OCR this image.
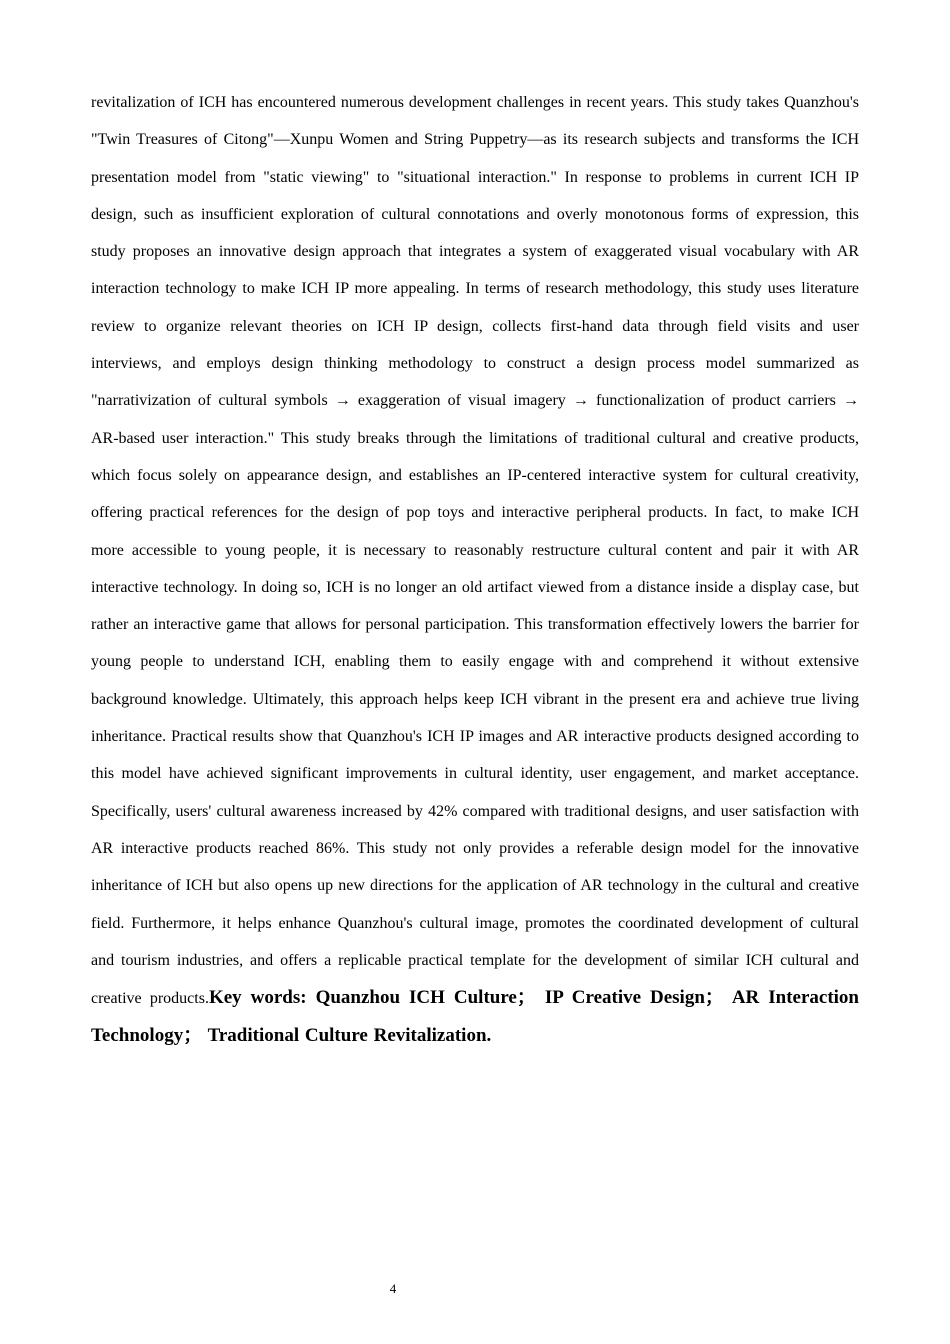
revitalization of ICH has encountered numerous development challenges in recent years. This study takes Quanzhou's "Twin Treasures of Citong"—Xunpu Women and String Puppetry—as its research subjects and transforms the ICH presentation model from "static viewing" to "situational interaction." In response to problems in current ICH IP design, such as insufficient exploration of cultural connotations and overly monotonous forms of expression, this study proposes an innovative design approach that integrates a system of exaggerated visual vocabulary with AR interaction technology to make ICH IP more appealing. In terms of research methodology, this study uses literature review to organize relevant theories on ICH IP design, collects first-hand data through field visits and user interviews, and employs design thinking methodology to construct a design process model summarized as "narrativization of cultural symbols → exaggeration of visual imagery → functionalization of product carriers → AR-based user interaction." This study breaks through the limitations of traditional cultural and creative products, which focus solely on appearance design, and establishes an IP-centered interactive system for cultural creativity, offering practical references for the design of pop toys and interactive peripheral products. In fact, to make ICH more accessible to young people, it is necessary to reasonably restructure cultural content and pair it with AR interactive technology. In doing so, ICH is no longer an old artifact viewed from a distance inside a display case, but rather an interactive game that allows for personal participation. This transformation effectively lowers the barrier for young people to understand ICH, enabling them to easily engage with and comprehend it without extensive background knowledge. Ultimately, this approach helps keep ICH vibrant in the present era and achieve true living inheritance. Practical results show that Quanzhou's ICH IP images and AR interactive products designed according to this model have achieved significant improvements in cultural identity, user engagement, and market acceptance. Specifically, users' cultural awareness increased by 42% compared with traditional designs, and user satisfaction with AR interactive products reached 86%. This study not only provides a referable design model for the innovative inheritance of ICH but also opens up new directions for the application of AR technology in the cultural and creative field. Furthermore, it helps enhance Quanzhou's cultural image, promotes the coordinated development of cultural and tourism industries, and offers a replicable practical template for the development of similar ICH cultural and creative products.Key words: Quanzhou ICH Culture； IP Creative Design； AR Interaction Technology； Traditional Culture Revitalization.

4
